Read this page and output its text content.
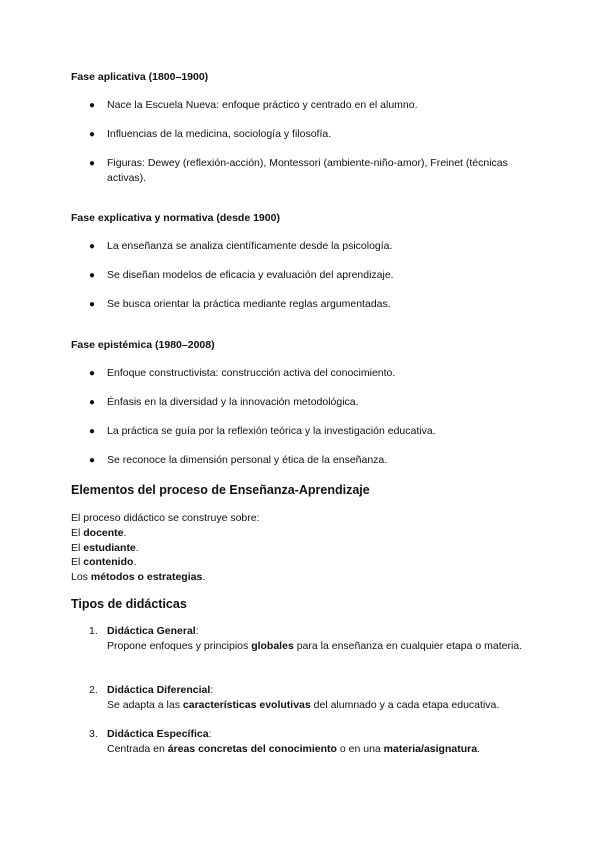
Fase aplicativa (1800–1900)
● Nace la Escuela Nueva: enfoque práctico y centrado en el alumno.
● Influencias de la medicina, sociología y filosofía.
● Figuras: Dewey (reflexión-acción), Montessori (ambiente-niño-amor), Freinet (técnicas activas).
Fase explicativa y normativa (desde 1900)
● La enseñanza se analiza científicamente desde la psicología.
● Se diseñan modelos de eficacia y evaluación del aprendizaje.
● Se busca orientar la práctica mediante reglas argumentadas.
Fase epistémica (1980–2008)
● Enfoque constructivista: construcción activa del conocimiento.
● Énfasis en la diversidad y la innovación metodológica.
● La práctica se guía por la reflexión teórica y la investigación educativa.
● Se reconoce la dimensión personal y ética de la enseñanza.
Elementos del proceso de Enseñanza-Aprendizaje
El proceso didáctico se construye sobre:
El docente.
El estudiante.
El contenido.
Los métodos o estrategias.
Tipos de didácticas
1. Didáctica General:
Propone enfoques y principios globales para la enseñanza en cualquier etapa o materia.
2. Didáctica Diferencial:
Se adapta a las características evolutivas del alumnado y a cada etapa educativa.
3. Didáctica Específica:
Centrada en áreas concretas del conocimiento o en una materia/asignatura.
